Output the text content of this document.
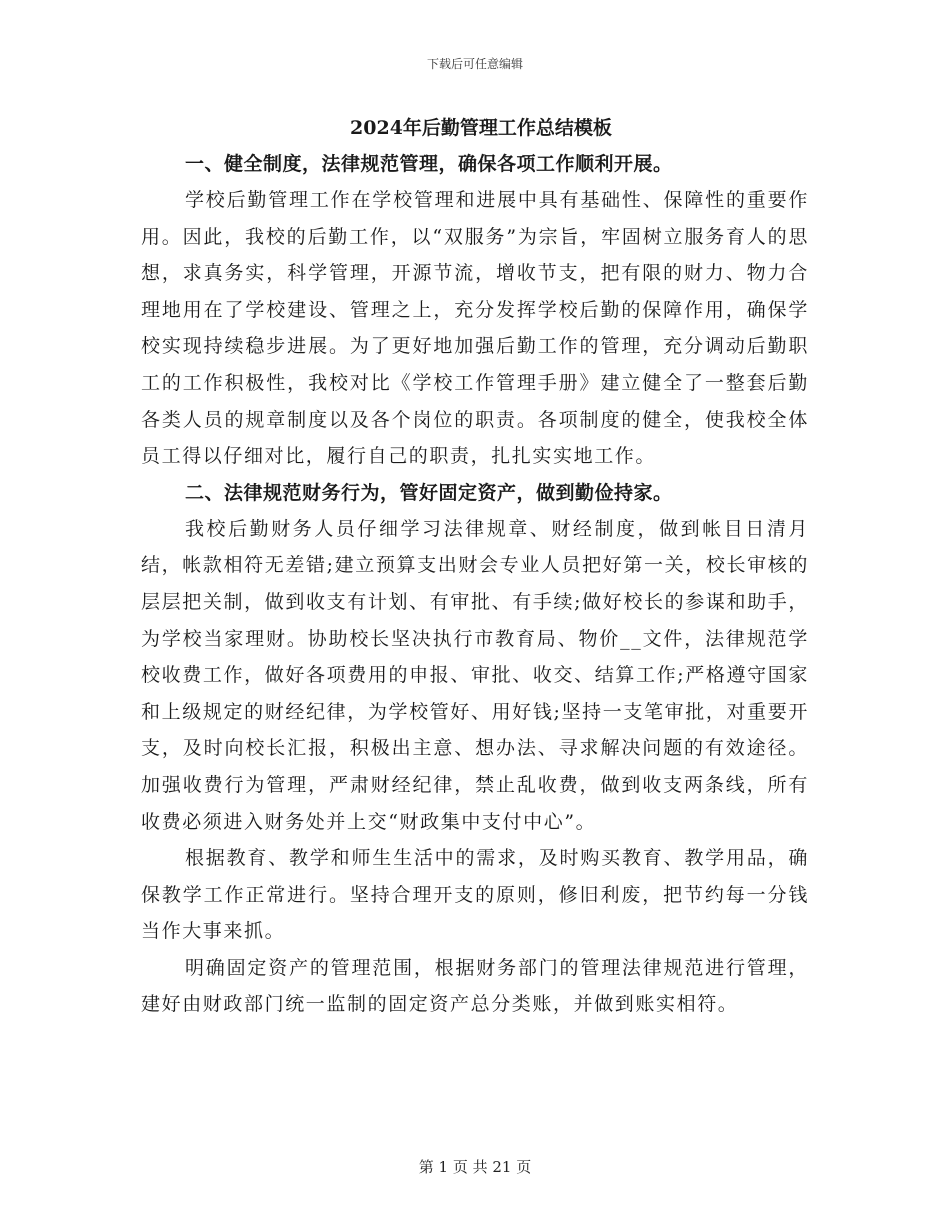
下载后可任意编辑
2024年后勤管理工作总结模板
一、健全制度，法律规范管理，确保各项工作顺利开展。

学校后勤管理工作在学校管理和进展中具有基础性、保障性的重要作用。因此，我校的后勤工作，以“双服务”为宗旨，牢固树立服务育人的思想，求真务实，科学管理，开源节流，增收节支，把有限的财力、物力合理地用在了学校建设、管理之上，充分发挥学校后勤的保障作用，确保学校实现持续稳步进展。为了更好地加强后勤工作的管理，充分调动后勤职工的工作积极性，我校对比《学校工作管理手册》建立健全了一整套后勤各类人员的规章制度以及各个岗位的职责。各项制度的健全，使我校全体员工得以仔细对比，履行自己的职责，扎扎实实地工作。

二、法律规范财务行为，管好固定资产，做到勤俭持家。

我校后勤财务人员仔细学习法律规章、财经制度，做到帐目日清月结，帐款相符无差错;建立预算支出财会专业人员把好第一关，校长审核的层层把关制，做到收支有计划、有审批、有手续;做好校长的参谋和助手，为学校当家理财。协助校长坚决执行市教育局、物价__文件，法律规范学校收费工作，做好各项费用的申报、审批、收交、结算工作;严格遵守国家和上级规定的财经纪律，为学校管好、用好钱;坚持一支笔审批，对重要开支，及时向校长汇报，积极出主意、想办法、寻求解决问题的有效途径。加强收费行为管理，严肃财经纪律，禁止乱收费，做到收支两条线，所有收费必须进入财务处并上交“财政集中支付中心”。

根据教育、教学和师生生活中的需求，及时购买教育、教学用品，确保教学工作正常进行。坚持合理开支的原则，修旧利废，把节约每一分钱当作大事来抓。

明确固定资产的管理范围，根据财务部门的管理法律规范进行管理，建好由财政部门统一监制的固定资产总分类账，并做到账实相符。

第 1 页 共 21 页
